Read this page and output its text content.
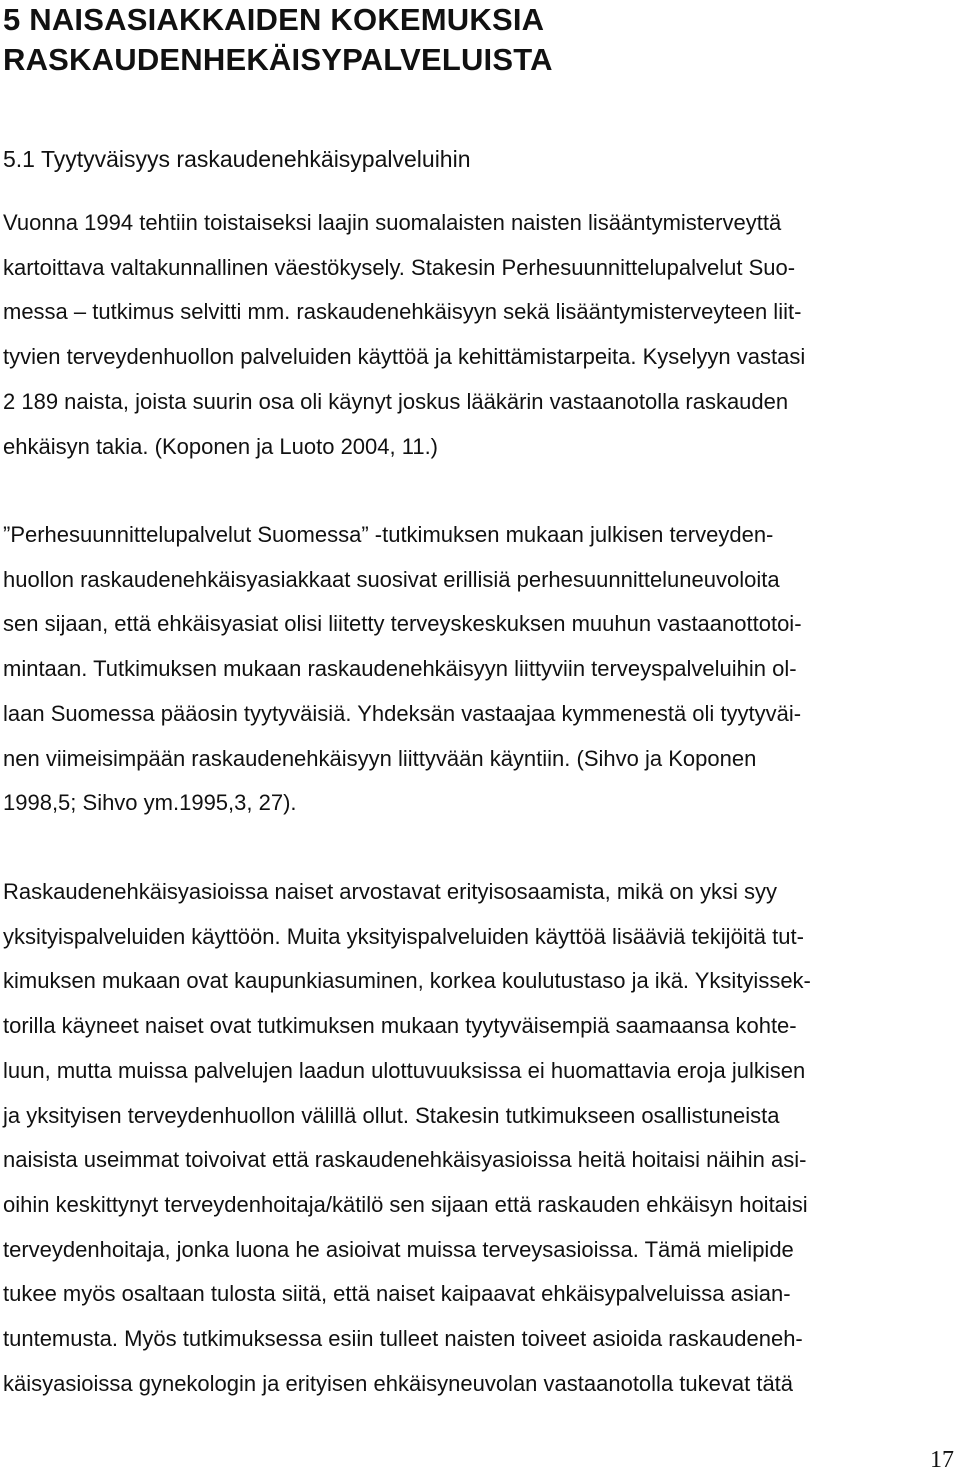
5 NAISASIAKKAIDEN KOKEMUKSIA
RASKAUDENHEKÄISYPALVELUISTA
5.1 Tyytyväisyys raskaudenehkäisypalveluihin

Vuonna 1994 tehtiin toistaiseksi laajin suomalaisten naisten lisääntymisterveyttä
kartoittava valtakunnallinen väestökysely. Stakesin Perhesuunnittelupalvelut Suo-
messa – tutkimus selvitti mm. raskaudenehkäisyyn sekä lisääntymisterveyteen liit-
tyvien terveydenhuollon palveluiden käyttöä ja kehittämistarpeita. Kyselyyn vastasi
2 189 naista, joista suurin osa oli käynyt joskus lääkärin vastaanotolla raskauden
ehkäisyn takia. (Koponen ja Luoto 2004, 11.)

”Perhesuunnittelupalvelut Suomessa” -tutkimuksen mukaan julkisen terveyden-
huollon raskaudenehkäisyasiakkaat suosivat erillisiä perhesuunnitteluneuvoloita
sen sijaan, että ehkäisyasiat olisi liitetty terveyskeskuksen muuhun vastaanottotoi-
mintaan. Tutkimuksen mukaan raskaudenehkäisyyn liittyviin terveyspalveluihin ol-
laan Suomessa pääosin tyytyväisiä. Yhdeksän vastaajaa kymmenestä oli tyytyväi-
nen viimeisimpään raskaudenehkäisyyn liittyvään käyntiin. (Sihvo ja Koponen
1998,5; Sihvo ym.1995,3, 27).

Raskaudenehkäisyasioissa naiset arvostavat erityisosaamista, mikä on yksi syy
yksityispalveluiden käyttöön. Muita yksityispalveluiden käyttöä lisääviä tekijöitä tut-
kimuksen mukaan ovat kaupunkiasuminen, korkea koulutustaso ja ikä. Yksityissek-
torilla käyneet naiset ovat tutkimuksen mukaan tyytyväisempiä saamaansa kohte-
luun, mutta muissa palvelujen laadun ulottuvuuksissa ei huomattavia eroja julkisen
ja yksityisen terveydenhuollon välillä ollut. Stakesin tutkimukseen osallistuneista
naisista useimmat toivoivat että raskaudenehkäisyasioissa heitä hoitaisi näihin asi-
oihin keskittynyt terveydenhoitaja/kätilö sen sijaan että raskauden ehkäisyn hoitaisi
terveydenhoitaja, jonka luona he asioivat muissa terveysasioissa. Tämä mielipide
tukee myös osaltaan tulosta siitä, että naiset kaipaavat ehkäisypalveluissa asian-
tuntemusta. Myös tutkimuksessa esiin tulleet naisten toiveet asioida raskaudeneh-
käisyasioissa gynekologin ja erityisen ehkäisyneuvolan vastaanotolla tukevat tätä

17
